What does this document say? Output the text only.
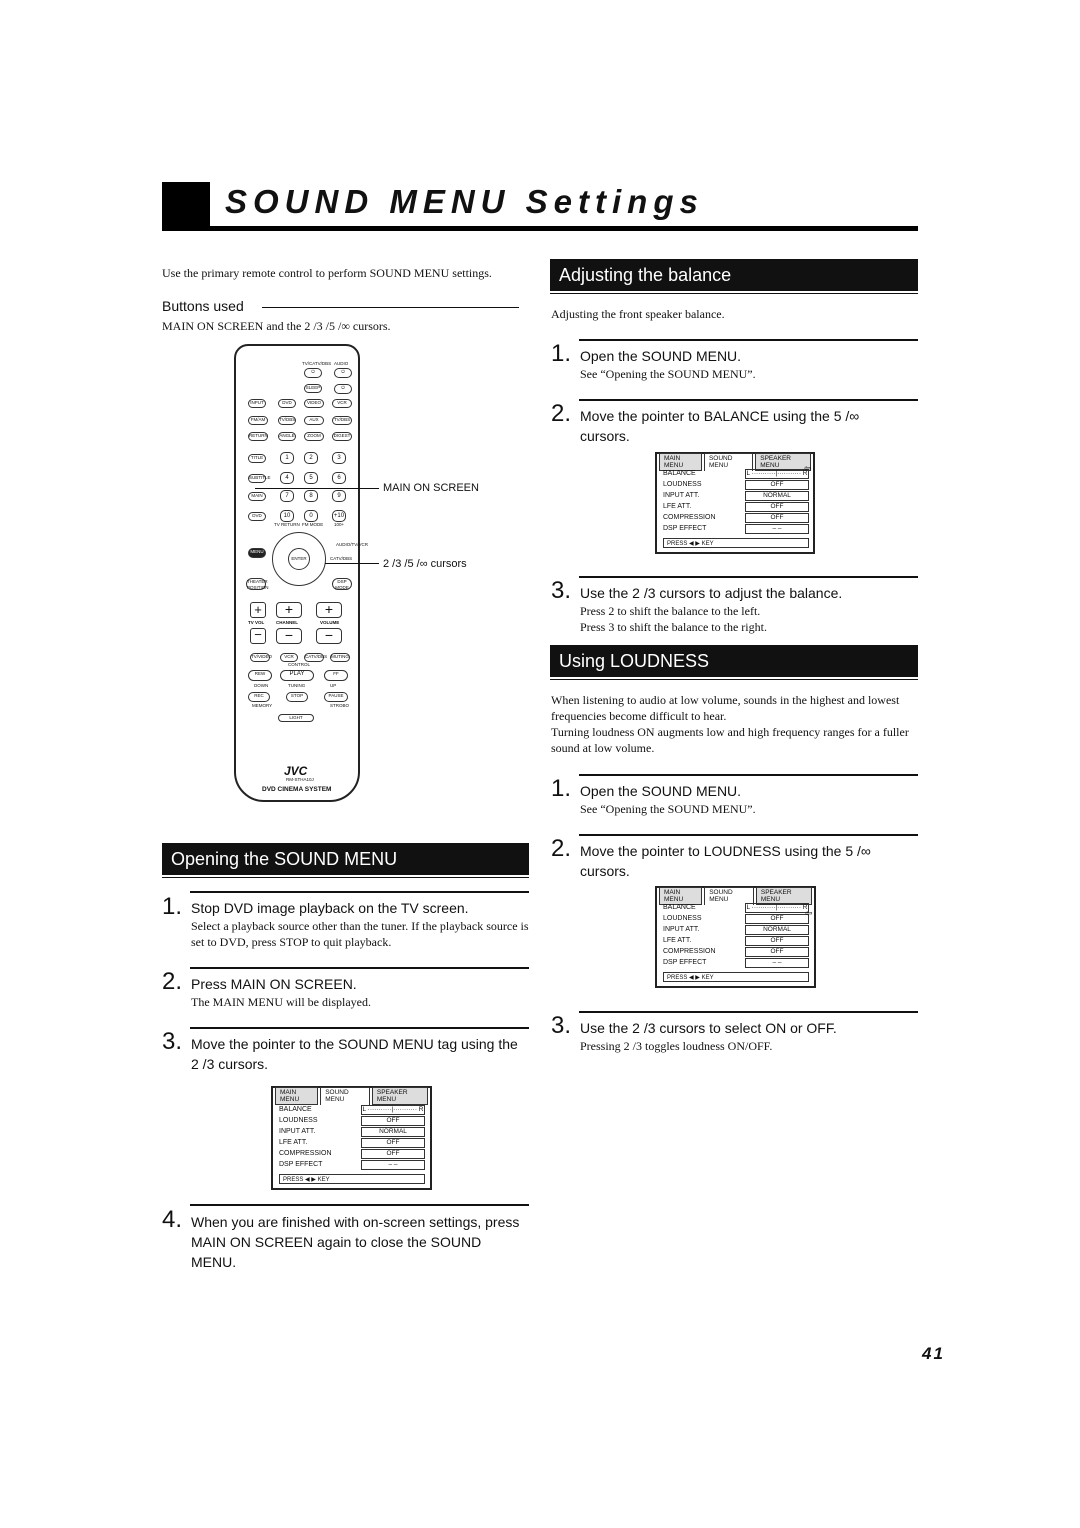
SOUND MENU Settings
Use the primary remote control to perform SOUND MENU settings.
Buttons used
MAIN ON SCREEN and the 2 /3 /5 /∞ cursors.
TV/CATV/DBS AUDIO
⏻	⏻
SLEEP	⏻
INPUT	DVD	VIDEO	VCR
FM/AM	TV/DBS	AUX	TV/DBS
RETURN	ANGLE	ZOOM	DIGEST
TITLE	1	2	3
SUBTITLE	4	5	6
MAIN	7	8	9
DVD	10	0	+10
TV RETURN FM MODE 100+
MENU
ENTER
AUDIO/TV/VCR
CATV/DBS
THEATER POSITION
DSP MODE
+	+	+
TV VOL	CHANNEL	VOLUME
−	−	−
TV/VIDEO	VCR	CATV/DBS MUTING
CONTROL
REW	PLAY	FF
DOWN	TUNING	UP
REC	STOP	PAUSE
MEMORY	STROBO
LIGHT
JVC
RM-STHA10J
DVD CINEMA SYSTEM
MAIN ON SCREEN
2 /3 /5 /∞ cursors
Opening the SOUND MENU
1. Stop DVD image playback on the TV screen.
Select a playback source other than the tuner. If the playback source is set to DVD, press STOP to quit playback.
2. Press MAIN ON SCREEN.
The MAIN MENU will be displayed.
3. Move the pointer to the SOUND MENU tag using the 2 /3 cursors.
MAIN MENU
SOUND MENU
SPEAKER MENU
BALANCE	L ···········|··········· R
LOUDNESS	OFF
INPUT ATT.	NORMAL
LFE ATT.	OFF
COMPRESSION	OFF
DSP EFFECT	– –
PRESS ◀ ▶ KEY
4. When you are finished with on-screen settings, press MAIN ON SCREEN again to close the SOUND MENU.
Adjusting the balance
Adjusting the front speaker balance.
1. Open the SOUND MENU.
See “Opening the SOUND MENU”.
2. Move the pointer to BALANCE using the 5 /∞ cursors.
MAIN MENU
SOUND MENU
SPEAKER MENU
BALANCE	L ···········|··········· R
LOUDNESS	OFF
INPUT ATT.	NORMAL
LFE ATT.	OFF
COMPRESSION	OFF
DSP EFFECT	– –
PRESS ◀ ▶ KEY
⇦
3. Use the 2 /3 cursors to adjust the balance.
Press 2 to shift the balance to the left.
Press 3 to shift the balance to the right.
Using LOUDNESS
When listening to audio at low volume, sounds in the highest and lowest frequencies become difficult to hear.
Turning loudness ON augments low and high frequency ranges for a fuller sound at low volume.
1. Open the SOUND MENU.
See “Opening the SOUND MENU”.
2. Move the pointer to LOUDNESS using the 5 /∞ cursors.
MAIN MENU
SOUND MENU
SPEAKER MENU
BALANCE	L ···········|··········· R
LOUDNESS	OFF
INPUT ATT.	NORMAL
LFE ATT.	OFF
COMPRESSION	OFF
DSP EFFECT	– –
PRESS ◀ ▶ KEY
⇦
3. Use the 2 /3 cursors to select ON or OFF.
Pressing 2 /3 toggles loudness ON/OFF.
41
